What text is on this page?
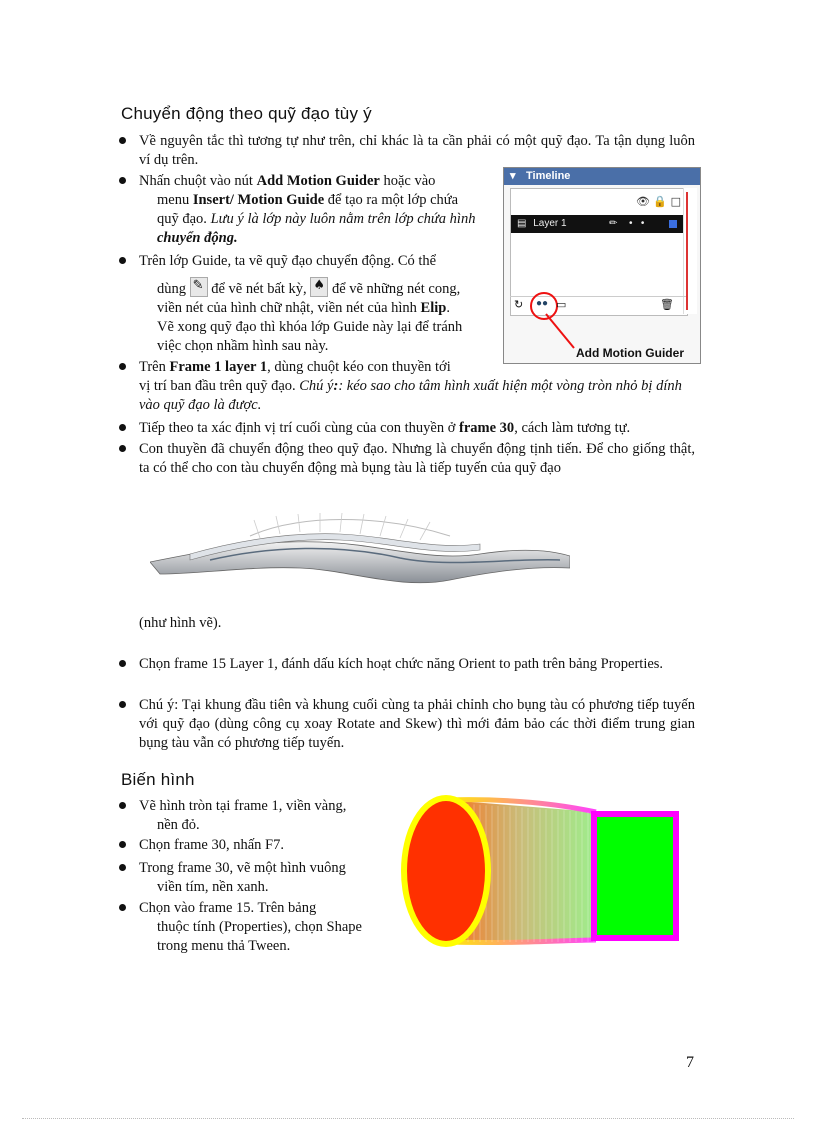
Chuyển động theo quỹ đạo tùy ý
Về nguyên tắc thì tương tự như trên, chỉ khác là ta cần phải có một quỹ đạo. Ta tận dụng luôn ví dụ trên.
Nhấn chuột vào nút Add Motion Guider hoặc vào
menu Insert/ Motion Guide để tạo ra một lớp chứa
quỹ đạo. Lưu ý là lớp này luôn nằm trên lớp chứa hình
chuyển động.
Trên lớp Guide, ta vẽ quỹ đạo chuyển động. Có thể
dùng ✎ để vẽ nét bất kỳ, ♠ để vẽ những nét cong,
viền nét của hình chữ nhật, viền nét của hình Elip.
Vẽ xong quỹ đạo thì khóa lớp Guide này lại để tránh
việc chọn nhầm hình sau này.
▾ Timeline
👁 🔒 □
▤ Layer 1	✏ •   •
↻ ●● ▭	🗑
Add Motion Guider
Trên Frame 1 layer 1, dùng chuột kéo con thuyền tới
vị trí ban đầu trên quỹ đạo. Chú ý:: kéo sao cho tâm hình xuất hiện một vòng tròn nhỏ bị dính vào quỹ đạo là được.
Tiếp theo ta xác định vị trí cuối cùng của con thuyền ở frame 30, cách làm tương tự.
Con thuyền đã chuyển động theo quỹ đạo. Nhưng là chuyển động tịnh tiến. Để cho giống thật, ta có thể cho con tàu chuyển động mà bụng tàu là tiếp tuyến của quỹ đạo
(như hình vẽ).
Chọn frame 15 Layer 1, đánh dấu kích hoạt chức năng Orient to path trên bảng Properties.
Chú ý: Tại khung đầu tiên và khung cuối cùng ta phải chỉnh cho bụng tàu có phương tiếp tuyến với quỹ đạo (dùng công cụ xoay Rotate and Skew) thì mới đảm bảo các thời điểm trung gian bụng tàu vẫn có phương tiếp tuyến.
Biến hình
Vẽ hình tròn tại frame 1, viền vàng,
nền đỏ.
Chọn frame 30, nhấn F7.
Trong frame 30, vẽ một hình vuông
viền tím, nền xanh.
Chọn vào frame 15. Trên bảng
thuộc tính (Properties), chọn Shape
trong menu thả Tween.
7
